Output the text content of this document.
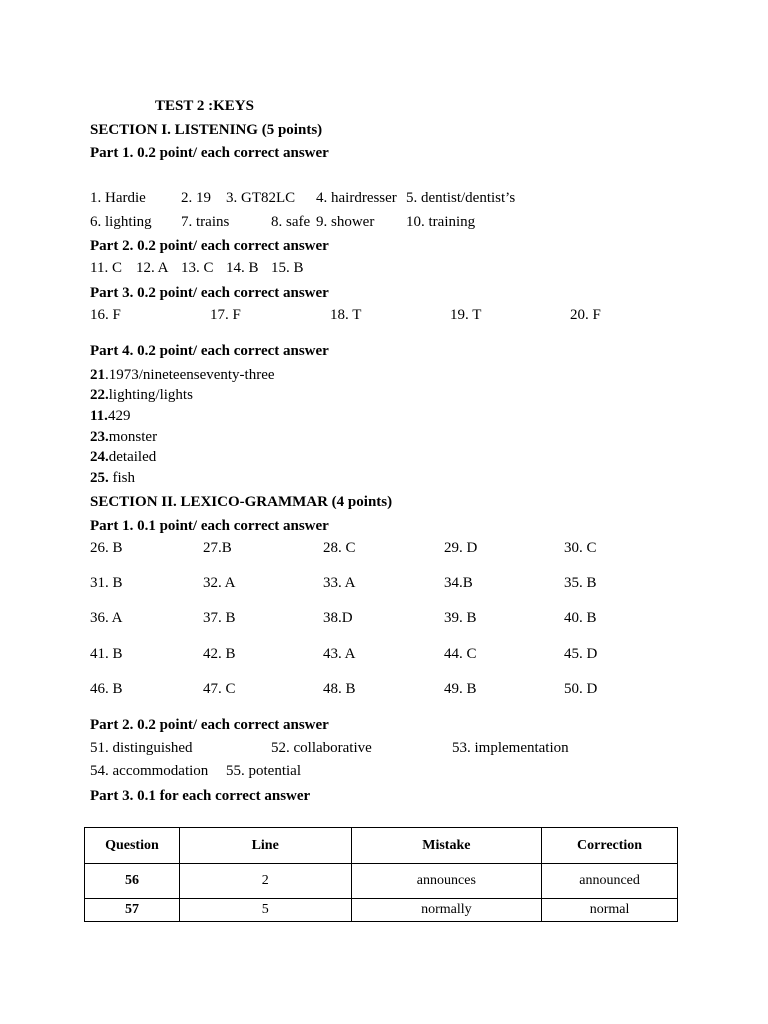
TEST 2 :KEYS
SECTION I. LISTENING (5 points)
Part 1. 0.2 point/ each correct answer
1. Hardie 2. 19 3. GT82LC 4. hairdresser 5. dentist/dentist’s
6. lighting 7. trains	8. safe 9. shower 10. training
Part 2. 0.2 point/ each correct answer
11. C 12. A 13. C 14. B 15. B
Part 3. 0.2 point/ each correct answer
16. F	17. F	18. T	19. T	20. F
Part 4. 0.2 point/ each correct answer
21.1973/nineteenseventy-three
22.lighting/lights
11.429
23.monster
24.detailed
25. fish
SECTION II. LEXICO-GRAMMAR (4 points)
Part 1. 0.1 point/ each correct answer
26. B	27.B	28. C	29. D	30. C
31. B	32. A	33. A	34.B	35. B
36. A	37. B	38.D	39. B	40. B
41. B	42. B	43. A	44. C	45. D
46. B	47. C	48. B	49. B	50. D
Part 2. 0.2 point/ each correct answer
51. distinguished	52. collaborative	53. implementation
54. accommodation 55. potential
Part 3. 0.1 for each correct answer
Question	Line	Mistake	Correction
56	2	announces	announced
57	5	normally	normal
